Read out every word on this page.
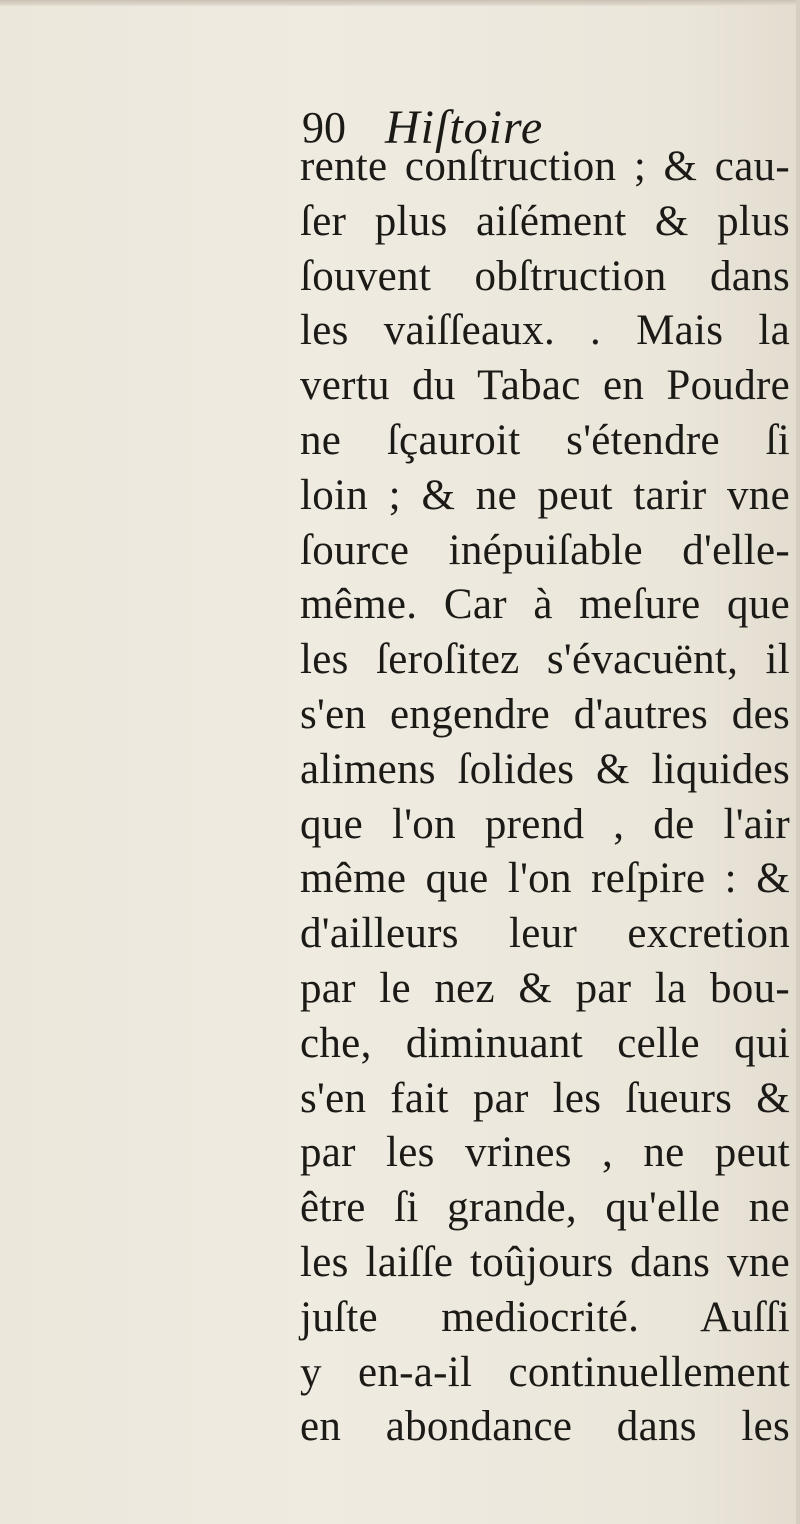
90 Hiſtoire
rente conſtruction ; & cau-
ſer plus aiſément & plus
ſouvent obſtruction dans
les vaiſſeaux. . Mais la
vertu du Tabac en Poudre
ne ſçauroit s'étendre ſi
loin ; & ne peut tarir vne
ſource inépuiſable d'elle-
même. Car à meſure que
les ſeroſitez s'évacuënt, il
s'en engendre d'autres des
alimens ſolides & liquides
que l'on prend , de l'air
même que l'on reſpire : &
d'ailleurs leur excretion
par le nez & par la bou-
che, diminuant celle qui
s'en fait par les ſueurs &
par les vrines , ne peut
être ſi grande, qu'elle ne
les laiſſe toûjours dans vne
juſte mediocrité. Auſſi
y en-a-il continuellement
en abondance dans les
